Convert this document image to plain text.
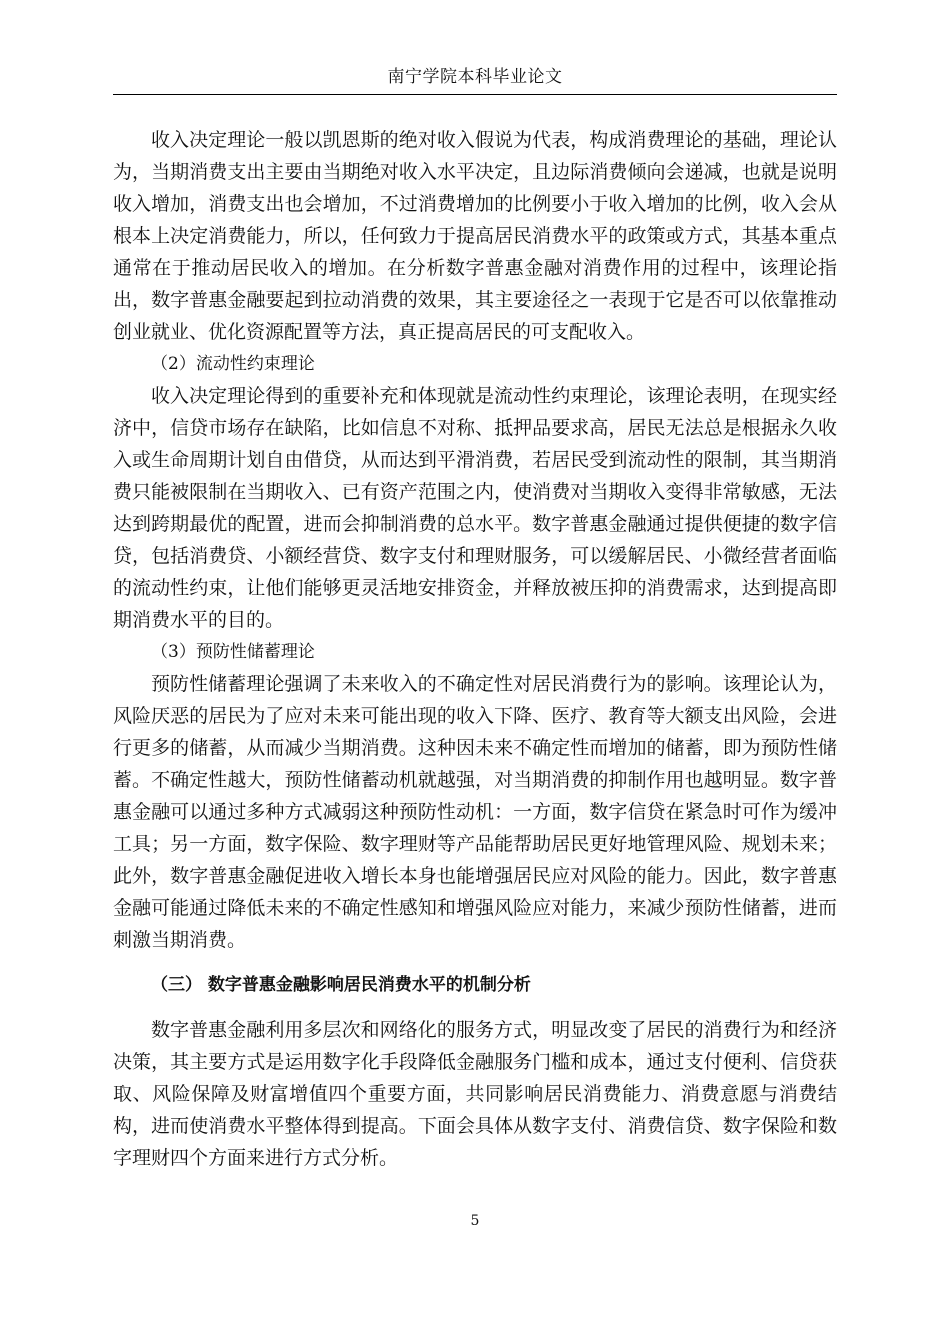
南宁学院本科毕业论文

收入决定理论一般以凯恩斯的绝对收入假说为代表，构成消费理论的基础，理论认为，当期消费支出主要由当期绝对收入水平决定，且边际消费倾向会递减，也就是说明收入增加，消费支出也会增加，不过消费增加的比例要小于收入增加的比例，收入会从根本上决定消费能力，所以，任何致力于提高居民消费水平的政策或方式，其基本重点通常在于推动居民收入的增加。在分析数字普惠金融对消费作用的过程中，该理论指出，数字普惠金融要起到拉动消费的效果，其主要途径之一表现于它是否可以依靠推动创业就业、优化资源配置等方法，真正提高居民的可支配收入。

（2）流动性约束理论

收入决定理论得到的重要补充和体现就是流动性约束理论，该理论表明，在现实经济中，信贷市场存在缺陷，比如信息不对称、抵押品要求高，居民无法总是根据永久收入或生命周期计划自由借贷，从而达到平滑消费，若居民受到流动性的限制，其当期消费只能被限制在当期收入、已有资产范围之内，使消费对当期收入变得非常敏感，无法达到跨期最优的配置，进而会抑制消费的总水平。数字普惠金融通过提供便捷的数字信贷，包括消费贷、小额经营贷、数字支付和理财服务，可以缓解居民、小微经营者面临的流动性约束，让他们能够更灵活地安排资金，并释放被压抑的消费需求，达到提高即期消费水平的目的。

（3）预防性储蓄理论

预防性储蓄理论强调了未来收入的不确定性对居民消费行为的影响。该理论认为，风险厌恶的居民为了应对未来可能出现的收入下降、医疗、教育等大额支出风险，会进行更多的储蓄，从而减少当期消费。这种因未来不确定性而增加的储蓄，即为预防性储蓄。不确定性越大，预防性储蓄动机就越强，对当期消费的抑制作用也越明显。数字普惠金融可以通过多种方式减弱这种预防性动机：一方面，数字信贷在紧急时可作为缓冲工具；另一方面，数字保险、数字理财等产品能帮助居民更好地管理风险、规划未来；此外，数字普惠金融促进收入增长本身也能增强居民应对风险的能力。因此，数字普惠金融可能通过降低未来的不确定性感知和增强风险应对能力，来减少预防性储蓄，进而刺激当期消费。

（三） 数字普惠金融影响居民消费水平的机制分析

数字普惠金融利用多层次和网络化的服务方式，明显改变了居民的消费行为和经济决策，其主要方式是运用数字化手段降低金融服务门槛和成本，通过支付便利、信贷获取、风险保障及财富增值四个重要方面，共同影响居民消费能力、消费意愿与消费结构，进而使消费水平整体得到提高。下面会具体从数字支付、消费信贷、数字保险和数字理财四个方面来进行方式分析。

5
